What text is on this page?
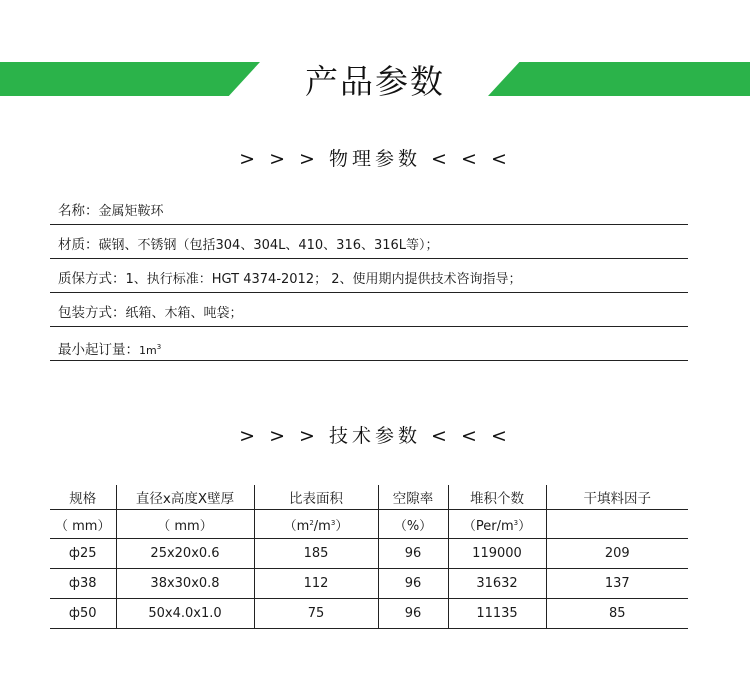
产品参数
> > > 物理参数 < < <
名称：金属矩鞍环
材质：碳钢、不锈钢（包括304、304L、410、316、316L等）；
质保方式：1、执行标准：HGT 4374-2012； 2、使用期内提供技术咨询指导；
包装方式：纸箱、木箱、吨袋；
最小起订量：$1m^3$
> > > 技术参数 < < <
规格	直径x高度X壁厚	比表面积	空隙率	堆积个数	干填料因子
（ mm）	（ mm）	$(m^2/m^3)$	（%）	$(Per/m^3)$	
ф25	25x20x0.6	185	96	119000	209
ф38	38x30x0.8	112	96	31632	137
ф50	50x4.0x1.0	75	96	11135	85
